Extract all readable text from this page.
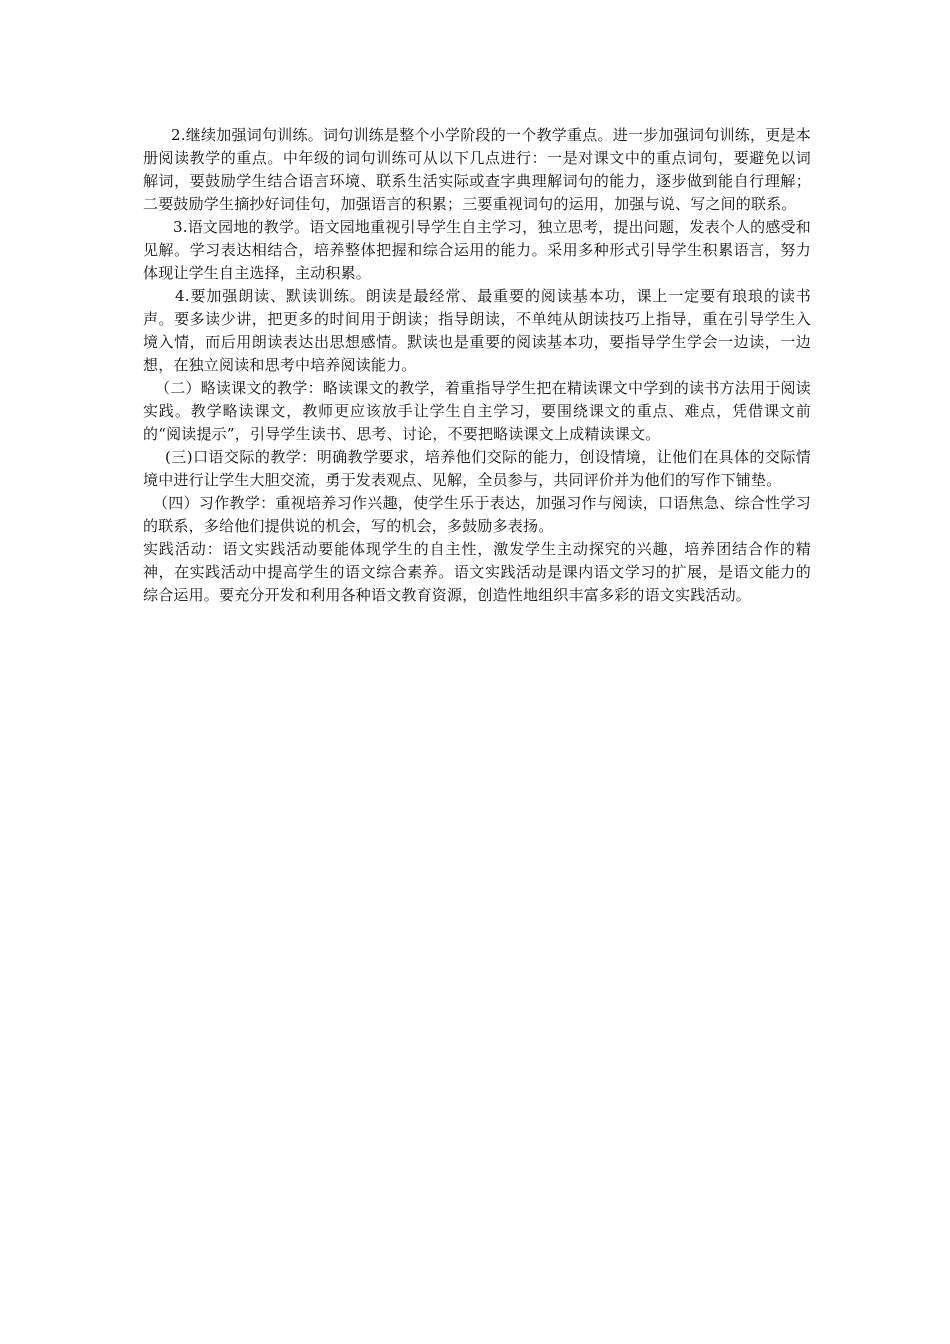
2.继续加强词句训练。词句训练是整个小学阶段的一个教学重点。进一步加强词句训练，更是本册阅读教学的重点。中年级的词句训练可从以下几点进行：一是对课文中的重点词句，要避免以词解词，要鼓励学生结合语言环境、联系生活实际或查字典理解词句的能力，逐步做到能自行理解；二要鼓励学生摘抄好词佳句，加强语言的积累；三要重视词句的运用，加强与说、写之间的联系。

3.语文园地的教学。语文园地重视引导学生自主学习，独立思考，提出问题，发表个人的感受和见解。学习表达相结合，培养整体把握和综合运用的能力。采用多种形式引导学生积累语言，努力体现让学生自主选择，主动积累。

4.要加强朗读、默读训练。朗读是最经常、最重要的阅读基本功，课上一定要有琅琅的读书声。要多读少讲，把更多的时间用于朗读；指导朗读，不单纯从朗读技巧上指导，重在引导学生入境入情，而后用朗读表达出思想感情。默读也是重要的阅读基本功，要指导学生学会一边读，一边想，在独立阅读和思考中培养阅读能力。

（二）略读课文的教学：略读课文的教学，着重指导学生把在精读课文中学到的读书方法用于阅读实践。教学略读课文，教师更应该放手让学生自主学习，要围绕课文的重点、难点，凭借课文前的“阅读提示”，引导学生读书、思考、讨论，不要把略读课文上成精读课文。

(三)口语交际的教学：明确教学要求，培养他们交际的能力，创设情境，让他们在具体的交际情境中进行让学生大胆交流，勇于发表观点、见解，全员参与，共同评价并为他们的写作下铺垫。

（四）习作教学：重视培养习作兴趣，使学生乐于表达，加强习作与阅读，口语焦急、综合性学习的联系，多给他们提供说的机会，写的机会，多鼓励多表扬。

实践活动：语文实践活动要能体现学生的自主性，激发学生主动探究的兴趣，培养团结合作的精神，在实践活动中提高学生的语文综合素养。语文实践活动是课内语文学习的扩展，是语文能力的综合运用。要充分开发和利用各种语文教育资源，创造性地组织丰富多彩的语文实践活动。
